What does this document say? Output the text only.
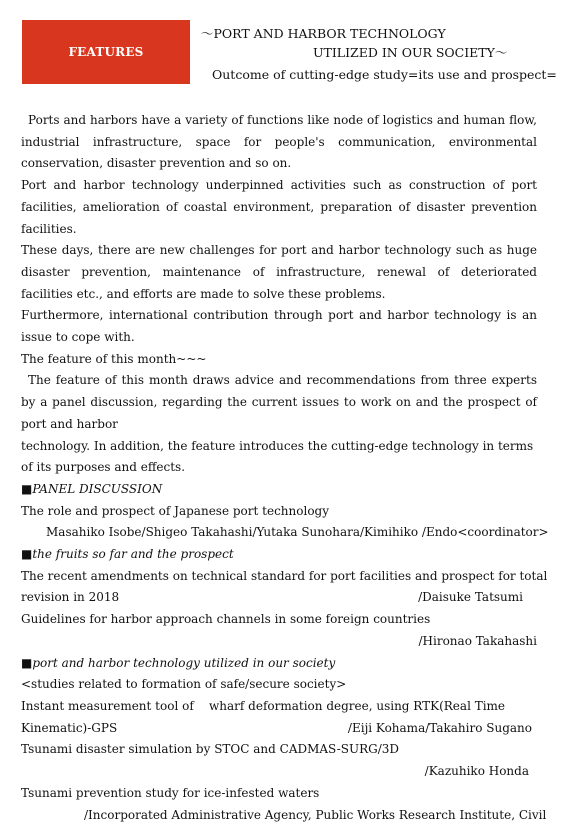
FEATURES
～PORT AND HARBOR TECHNOLOGY
UTILIZED IN OUR SOCIETY～
Outcome of cutting-edge study=its use and prospect=

Ports and harbors have a variety of functions like node of logistics and human flow, industrial infrastructure, space for people's communication, environmental conservation, disaster prevention and so on.

Port and harbor technology underpinned activities such as construction of port facilities, amelioration of coastal environment, preparation of disaster prevention facilities.

These days, there are new challenges for port and harbor technology such as huge disaster prevention, maintenance of infrastructure, renewal of deteriorated facilities etc., and efforts are made to solve these problems.

Furthermore, international contribution through port and harbor technology is an issue to cope with.

The feature of this month~~~

The feature of this month draws advice and recommendations from three experts by a panel discussion, regarding the current issues to work on and the prospect of port and harbor

technology. In addition, the feature introduces the cutting-edge technology in terms of its purposes and effects.

■PANEL DISCUSSION

The role and prospect of Japanese port technology

Masahiko Isobe/Shigeo Takahashi/Yutaka Sunohara/Kimihiko /Endo<coordinator>

■the fruits so far and the prospect

The recent amendments on technical standard for port facilities and prospect for total

revision in 2018	/Daisuke Tatsumi

Guidelines for harbor approach channels in some foreign countries

/Hironao Takahashi

■port and harbor technology utilized in our society

<studies related to formation of safe/secure society>

Instant measurement tool of    wharf deformation degree, using RTK(Real Time

Kinematic)-GPS	/Eiji Kohama/Takahiro Sugano

Tsunami disaster simulation by STOC and CADMAS-SURG/3D

/Kazuhiko Honda

Tsunami prevention study for ice-infested waters

/Incorporated Administrative Agency, Public Works Research Institute, Civil
